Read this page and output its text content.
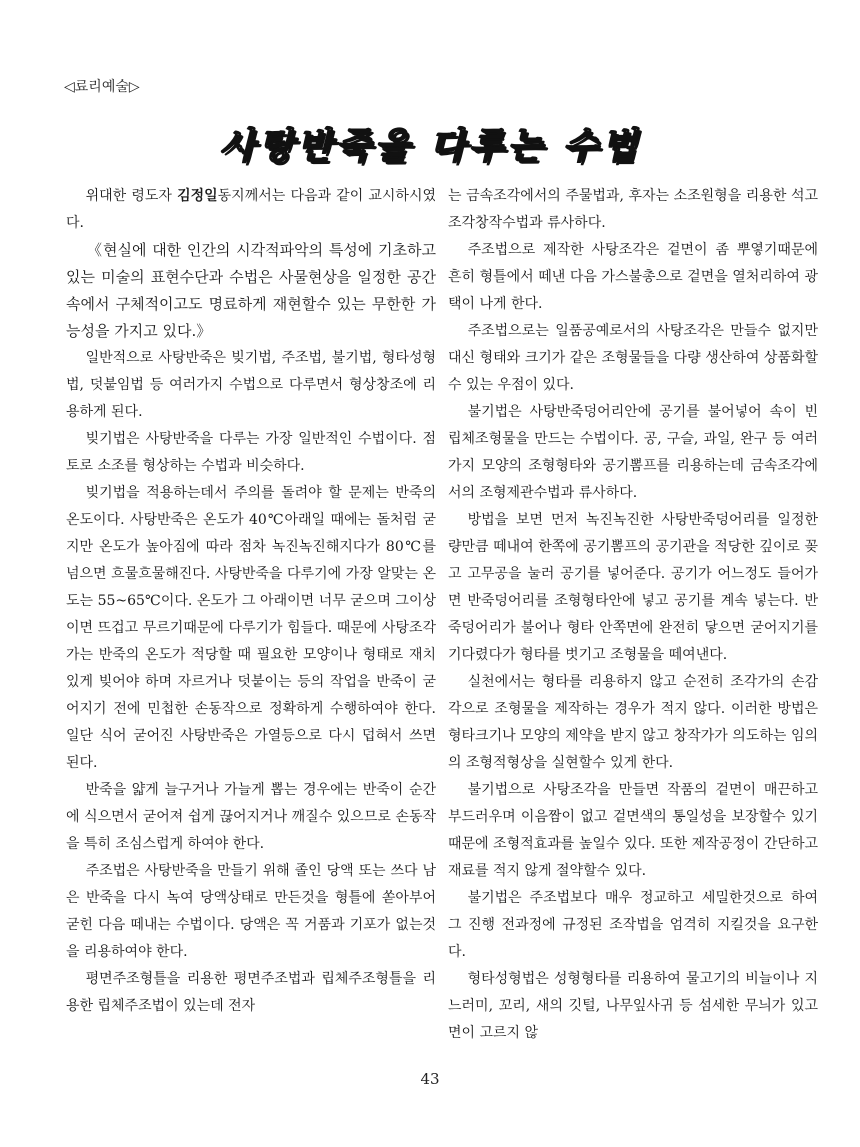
◁료리예술▷
사탕반죽을 다루는 수법

위대한 령도자 김정일동지께서는 다음과 같이 교시하시였다.

《현실에 대한 인간의 시각적파악의 특성에 기초하고있는 미술의 표현수단과 수법은 사물현상을 일정한 공간속에서 구체적이고도 명료하게 재현할수 있는 무한한 가능성을 가지고 있다.》

일반적으로 사탕반죽은 빚기법, 주조법, 불기법, 형타성형법, 덧붙임법 등 여러가지 수법으로 다루면서 형상창조에 리용하게 된다.

빚기법은 사탕반죽을 다루는 가장 일반적인 수법이다. 점토로 소조를 형상하는 수법과 비슷하다.

빚기법을 적용하는데서 주의를 돌려야 할 문제는 반죽의 온도이다. 사탕반죽은 온도가 40℃아래일 때에는 돌처럼 굳지만 온도가 높아짐에 따라 점차 녹진녹진해지다가 80℃를 넘으면 흐물흐물해진다. 사탕반죽을 다루기에 가장 알맞는 온도는 55~65℃이다. 온도가 그 아래이면 너무 굳으며 그이상이면 뜨겁고 무르기때문에 다루기가 힘들다. 때문에 사탕조각가는 반죽의 온도가 적당할 때 필요한 모양이나 형태로 재치있게 빚어야 하며 자르거나 덧붙이는 등의 작업을 반죽이 굳어지기 전에 민첩한 손동작으로 정확하게 수행하여야 한다. 일단 식어 굳어진 사탕반죽은 가열등으로 다시 덥혀서 쓰면 된다.

반죽을 얇게 늘구거나 가늘게 뽑는 경우에는 반죽이 순간에 식으면서 굳어져 쉽게 끊어지거나 깨질수 있으므로 손동작을 특히 조심스럽게 하여야 한다.

주조법은 사탕반죽을 만들기 위해 졸인 당액 또는 쓰다 남은 반죽을 다시 녹여 당액상태로 만든것을 형틀에 쏟아부어 굳힌 다음 떼내는 수법이다. 당액은 꼭 거품과 기포가 없는것을 리용하여야 한다.

평면주조형틀을 리용한 평면주조법과 립체주조형틀을 리용한 립체주조법이 있는데 전자

는 금속조각에서의 주물법과, 후자는 소조원형을 리용한 석고조각창작수법과 류사하다.

주조법으로 제작한 사탕조각은 겉면이 좀 뿌옇기때문에 흔히 형틀에서 떼낸 다음 가스불총으로 겉면을 열처리하여 광택이 나게 한다.

주조법으로는 일품공예로서의 사탕조각은 만들수 없지만 대신 형태와 크기가 같은 조형물들을 다량 생산하여 상품화할수 있는 우점이 있다.

불기법은 사탕반죽덩어리안에 공기를 불어넣어 속이 빈 립체조형물을 만드는 수법이다. 공, 구슬, 과일, 완구 등 여러가지 모양의 조형형타와 공기뽐프를 리용하는데 금속조각에서의 조형제관수법과 류사하다.

방법을 보면 먼저 녹진녹진한 사탕반죽덩어리를 일정한 량만큼 떼내여 한쪽에 공기뽐프의 공기관을 적당한 깊이로 꽂고 고무공을 눌러 공기를 넣어준다. 공기가 어느정도 들어가면 반죽덩어리를 조형형타안에 넣고 공기를 계속 넣는다. 반죽덩어리가 불어나 형타 안쪽면에 완전히 닿으면 굳어지기를 기다렸다가 형타를 벗기고 조형물을 떼여낸다.

실천에서는 형타를 리용하지 않고 순전히 조각가의 손감각으로 조형물을 제작하는 경우가 적지 않다. 이러한 방법은 형타크기나 모양의 제약을 받지 않고 창작가가 의도하는 임의의 조형적형상을 실현할수 있게 한다.

불기법으로 사탕조각을 만들면 작품의 겉면이 매끈하고 부드러우며 이음짬이 없고 겉면색의 통일성을 보장할수 있기때문에 조형적효과를 높일수 있다. 또한 제작공정이 간단하고 재료를 적지 않게 절약할수 있다.

불기법은 주조법보다 매우 정교하고 세밀한것으로 하여 그 진행 전과정에 규정된 조작법을 엄격히 지킬것을 요구한다.

형타성형법은 성형형타를 리용하여 물고기의 비늘이나 지느러미, 꼬리, 새의 깃털, 나무잎사귀 등 섬세한 무늬가 있고 면이 고르지 않

43
